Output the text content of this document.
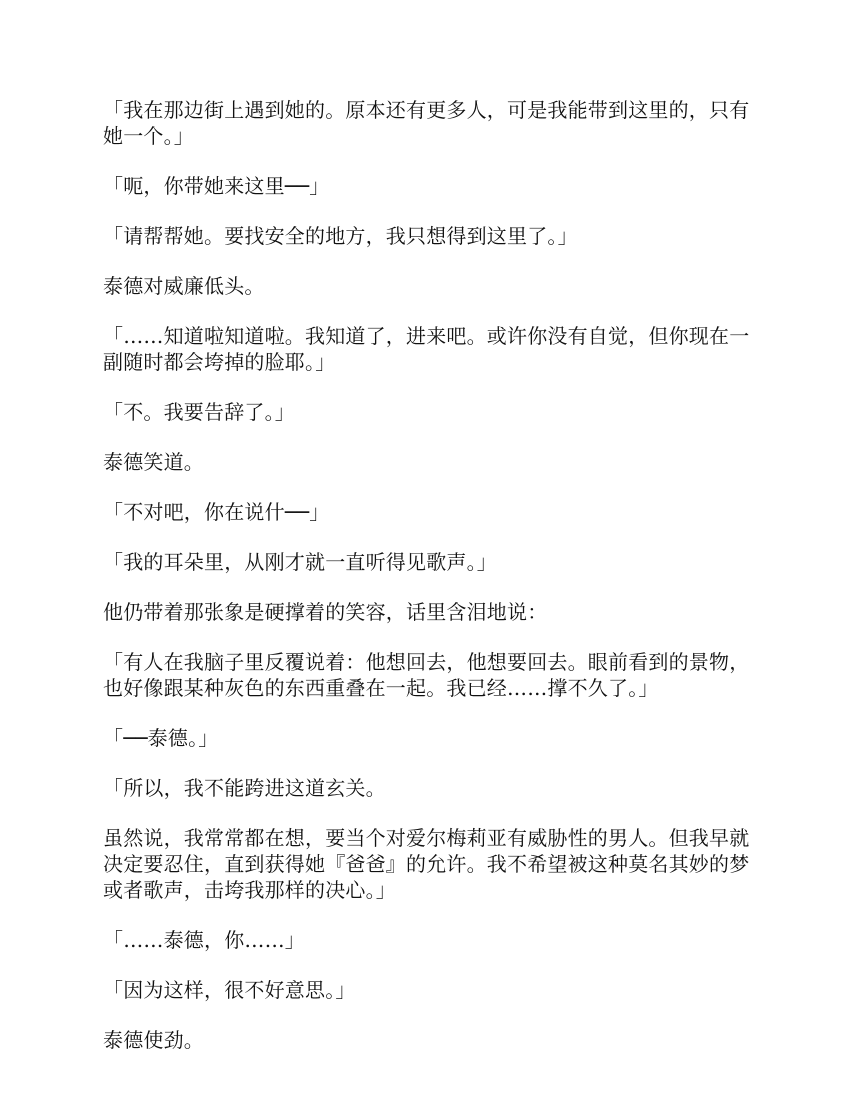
「我在那边街上遇到她的。原本还有更多人，可是我能带到这里的，只有她一个。」

「呃，你带她来这里──」

「请帮帮她。要找安全的地方，我只想得到这里了。」

泰德对威廉低头。

「……知道啦知道啦。我知道了，进来吧。或许你没有自觉，但你现在一副随时都会垮掉的脸耶。」

「不。我要告辞了。」

泰德笑道。

「不对吧，你在说什──」

「我的耳朵里，从刚才就一直听得见歌声。」

他仍带着那张象是硬撑着的笑容，话里含泪地说：

「有人在我脑子里反覆说着：他想回去，他想要回去。眼前看到的景物，也好像跟某种灰色的东西重叠在一起。我已经……撑不久了。」

「──泰德。」

「所以，我不能跨进这道玄关。

虽然说，我常常都在想，要当个对爱尔梅莉亚有威胁性的男人。但我早就决定要忍住，直到获得她『爸爸』的允许。我不希望被这种莫名其妙的梦或者歌声，击垮我那样的决心。」

「……泰德，你……」

「因为这样，很不好意思。」

泰德使劲。
